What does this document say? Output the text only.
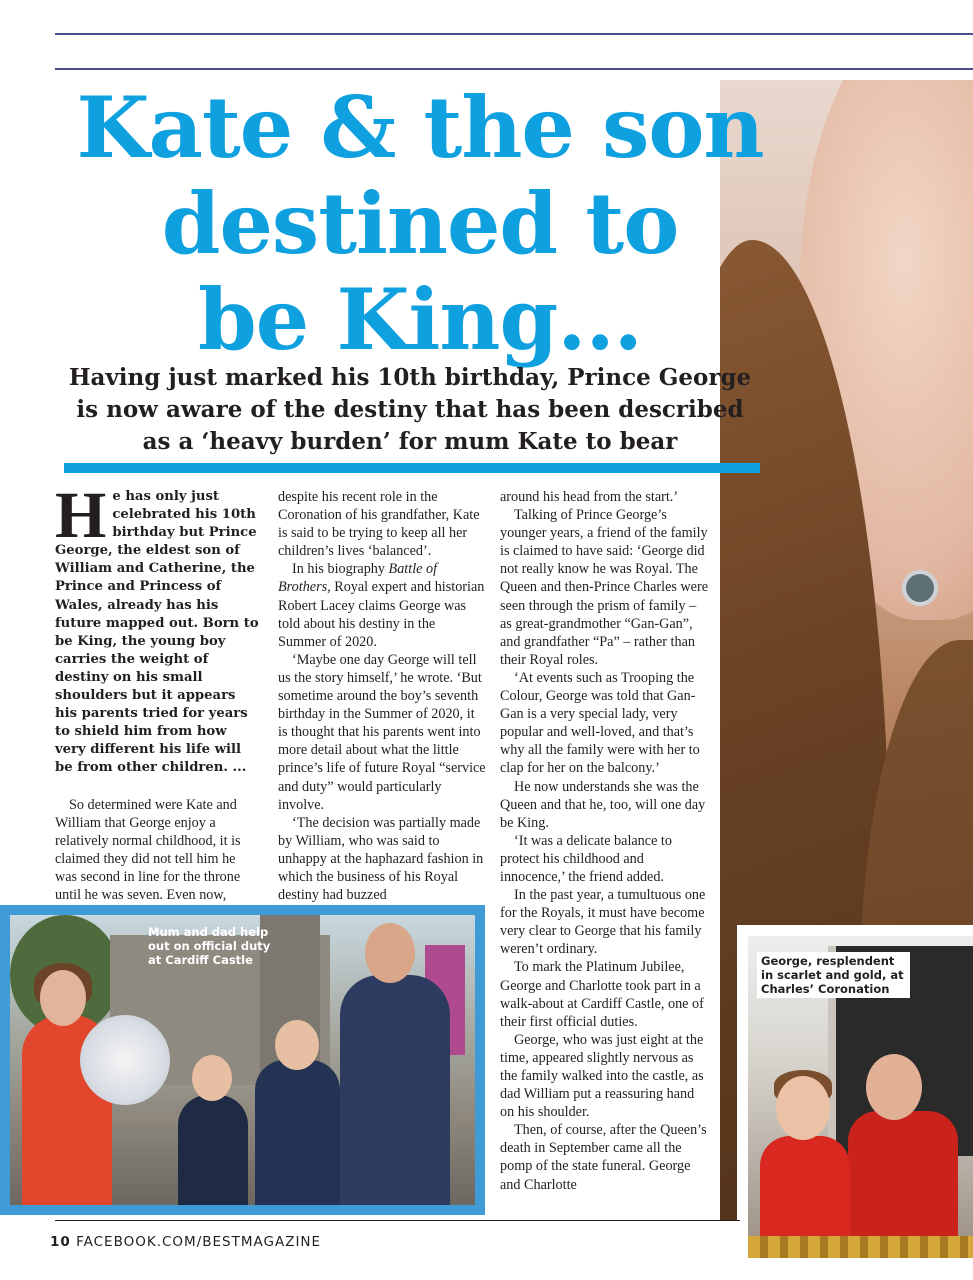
Kate & the son
destined to
be King...

Having just marked his 10th birthday, Prince George
is now aware of the destiny that has been described
as a ‘heavy burden’ for mum Kate to bear

He has only just celebrated his 10th birthday but Prince George, the eldest son of William and Catherine, the Prince and Princess of Wales, already has his future mapped out. Born to be King, the young boy carries the weight of destiny on his small shoulders but it appears his parents tried for years to shield him from how very different his life will be from other children. ...

So determined were Kate and William that George enjoy a relatively normal childhood, it is claimed they did not tell him he was second in line for the throne until he was seven. Even now,

despite his recent role in the Coronation of his grandfather, Kate is said to be trying to keep all her children’s lives ‘balanced’.

In his biography Battle of Brothers, Royal expert and historian Robert Lacey claims George was told about his destiny in the Summer of 2020.

‘Maybe one day George will tell us the story himself,’ he wrote. ‘But sometime around the boy’s seventh birthday in the Summer of 2020, it is thought that his parents went into more detail about what the little prince’s life of future Royal “service and duty” would particularly involve.

‘The decision was partially made by William, who was said to unhappy at the haphazard fashion in which the business of his Royal destiny had buzzed

around his head from the start.’

Talking of Prince George’s younger years, a friend of the family is claimed to have said: ‘George did not really know he was Royal. The Queen and then-Prince Charles were seen through the prism of family – as great-grandmother “Gan-Gan”, and grandfather “Pa” – rather than their Royal roles.

‘At events such as Trooping the Colour, George was told that Gan-Gan is a very special lady, very popular and well-loved, and that’s why all the family were with her to clap for her on the balcony.’

He now understands she was the Queen and that he, too, will one day be King.

‘It was a delicate balance to protect his childhood and innocence,’ the friend added.

In the past year, a tumultuous one for the Royals, it must have become very clear to George that his family weren’t ordinary.

To mark the Platinum Jubilee, George and Charlotte took part in a walk-about at Cardiff Castle, one of their first official duties.

George, who was just eight at the time, appeared slightly nervous as the family walked into the castle, as dad William put a reassuring hand on his shoulder.

Then, of course, after the Queen’s death in September came all the pomp of the state funeral. George and Charlotte

Mum and dad help out on official duty at Cardiff Castle	George, resplendent in scarlet and gold, at Charles’ Coronation

10 FACEBOOK.COM/BESTMAGAZINE
